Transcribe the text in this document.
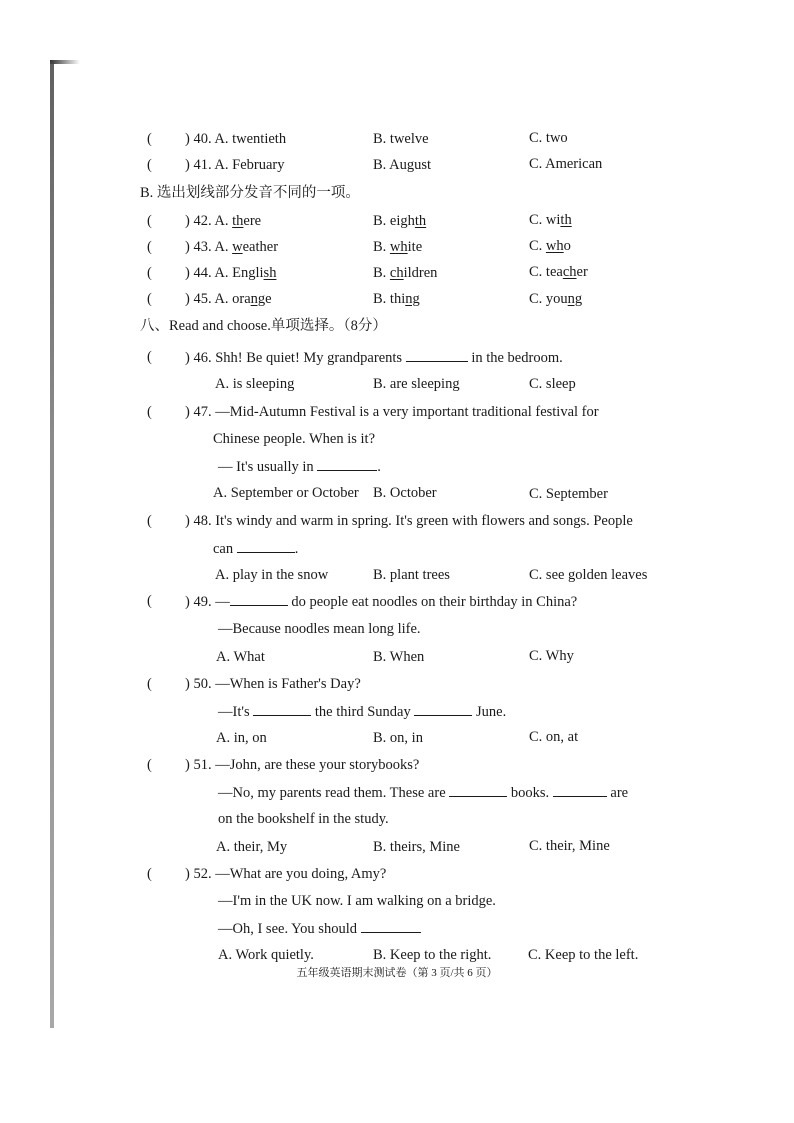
( ) 40. A. twentieth	B. twelve	C. two
( ) 41. A. February	B. August	C. American
B. 选出划线部分发音不同的一项。
( ) 42. A. there	B. eighth	C. with
( ) 43. A. weather	B. white	C. who
( ) 44. A. English	B. children	C. teacher
( ) 45. A. orange	B. thing	C. young
八、Read and choose.单项选择。（8分）
( ) 46. Shh! Be quiet! My grandparents	in the bedroom.
A. is sleeping	B. are sleeping	C. sleep
( ) 47. —Mid-Autumn Festival is a very important traditional festival for
Chinese people. When is it?
— It's usually in	.
A. September or October B. October	C. September
( ) 48. It's windy and warm in spring. It's green with flowers and songs. People
can	.
A. play in the snow	B. plant trees	C. see golden leaves
( ) 49. —	do people eat noodles on their birthday in China?
—Because noodles mean long life.
A. What	B. When	C. Why
( ) 50. —When is Father's Day?
—It's	the third Sunday	June.
A. in, on	B. on, in	C. on, at
( ) 51. —John, are these your storybooks?
—No, my parents read them. These are	books.	are
on the bookshelf in the study.
A. their, My	B. theirs, Mine	C. their, Mine
( ) 52. —What are you doing, Amy?
—I'm in the UK now. I am walking on a bridge.
—Oh, I see. You should
A. Work quietly.	B. Keep to the right.	C. Keep to the left.
五年级英语期末测试卷（第 3 页/共 6 页）
